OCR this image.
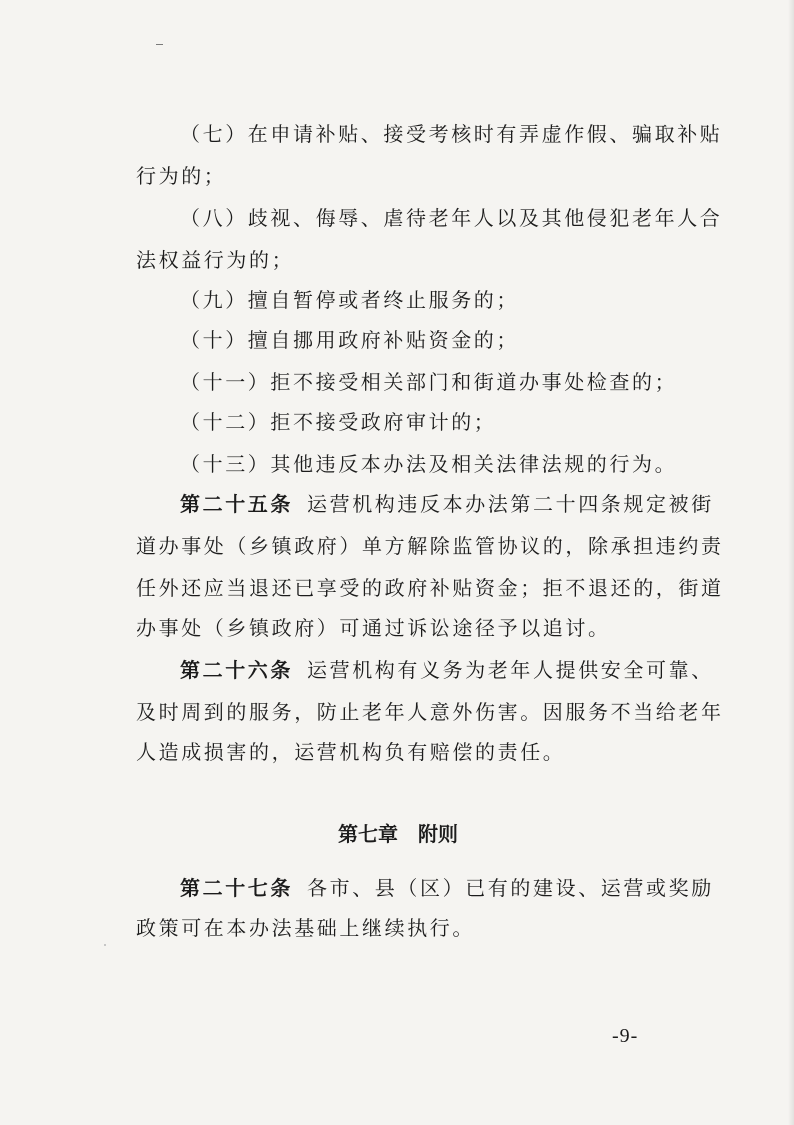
（七）在申请补贴、接受考核时有弄虚作假、骗取补贴
行为的；
（八）歧视、侮辱、虐待老年人以及其他侵犯老年人合
法权益行为的；
（九）擅自暂停或者终止服务的；
（十）擅自挪用政府补贴资金的；
（十一）拒不接受相关部门和街道办事处检查的；
（十二）拒不接受政府审计的；
（十三）其他违反本办法及相关法律法规的行为。
第二十五条 运营机构违反本办法第二十四条规定被街
道办事处（乡镇政府）单方解除监管协议的，除承担违约责
任外还应当退还已享受的政府补贴资金；拒不退还的，街道
办事处（乡镇政府）可通过诉讼途径予以追讨。
第二十六条 运营机构有义务为老年人提供安全可靠、
及时周到的服务，防止老年人意外伤害。因服务不当给老年
人造成损害的，运营机构负有赔偿的责任。
第七章 附则
第二十七条 各市、县（区）已有的建设、运营或奖励
政策可在本办法基础上继续执行。
-9-
